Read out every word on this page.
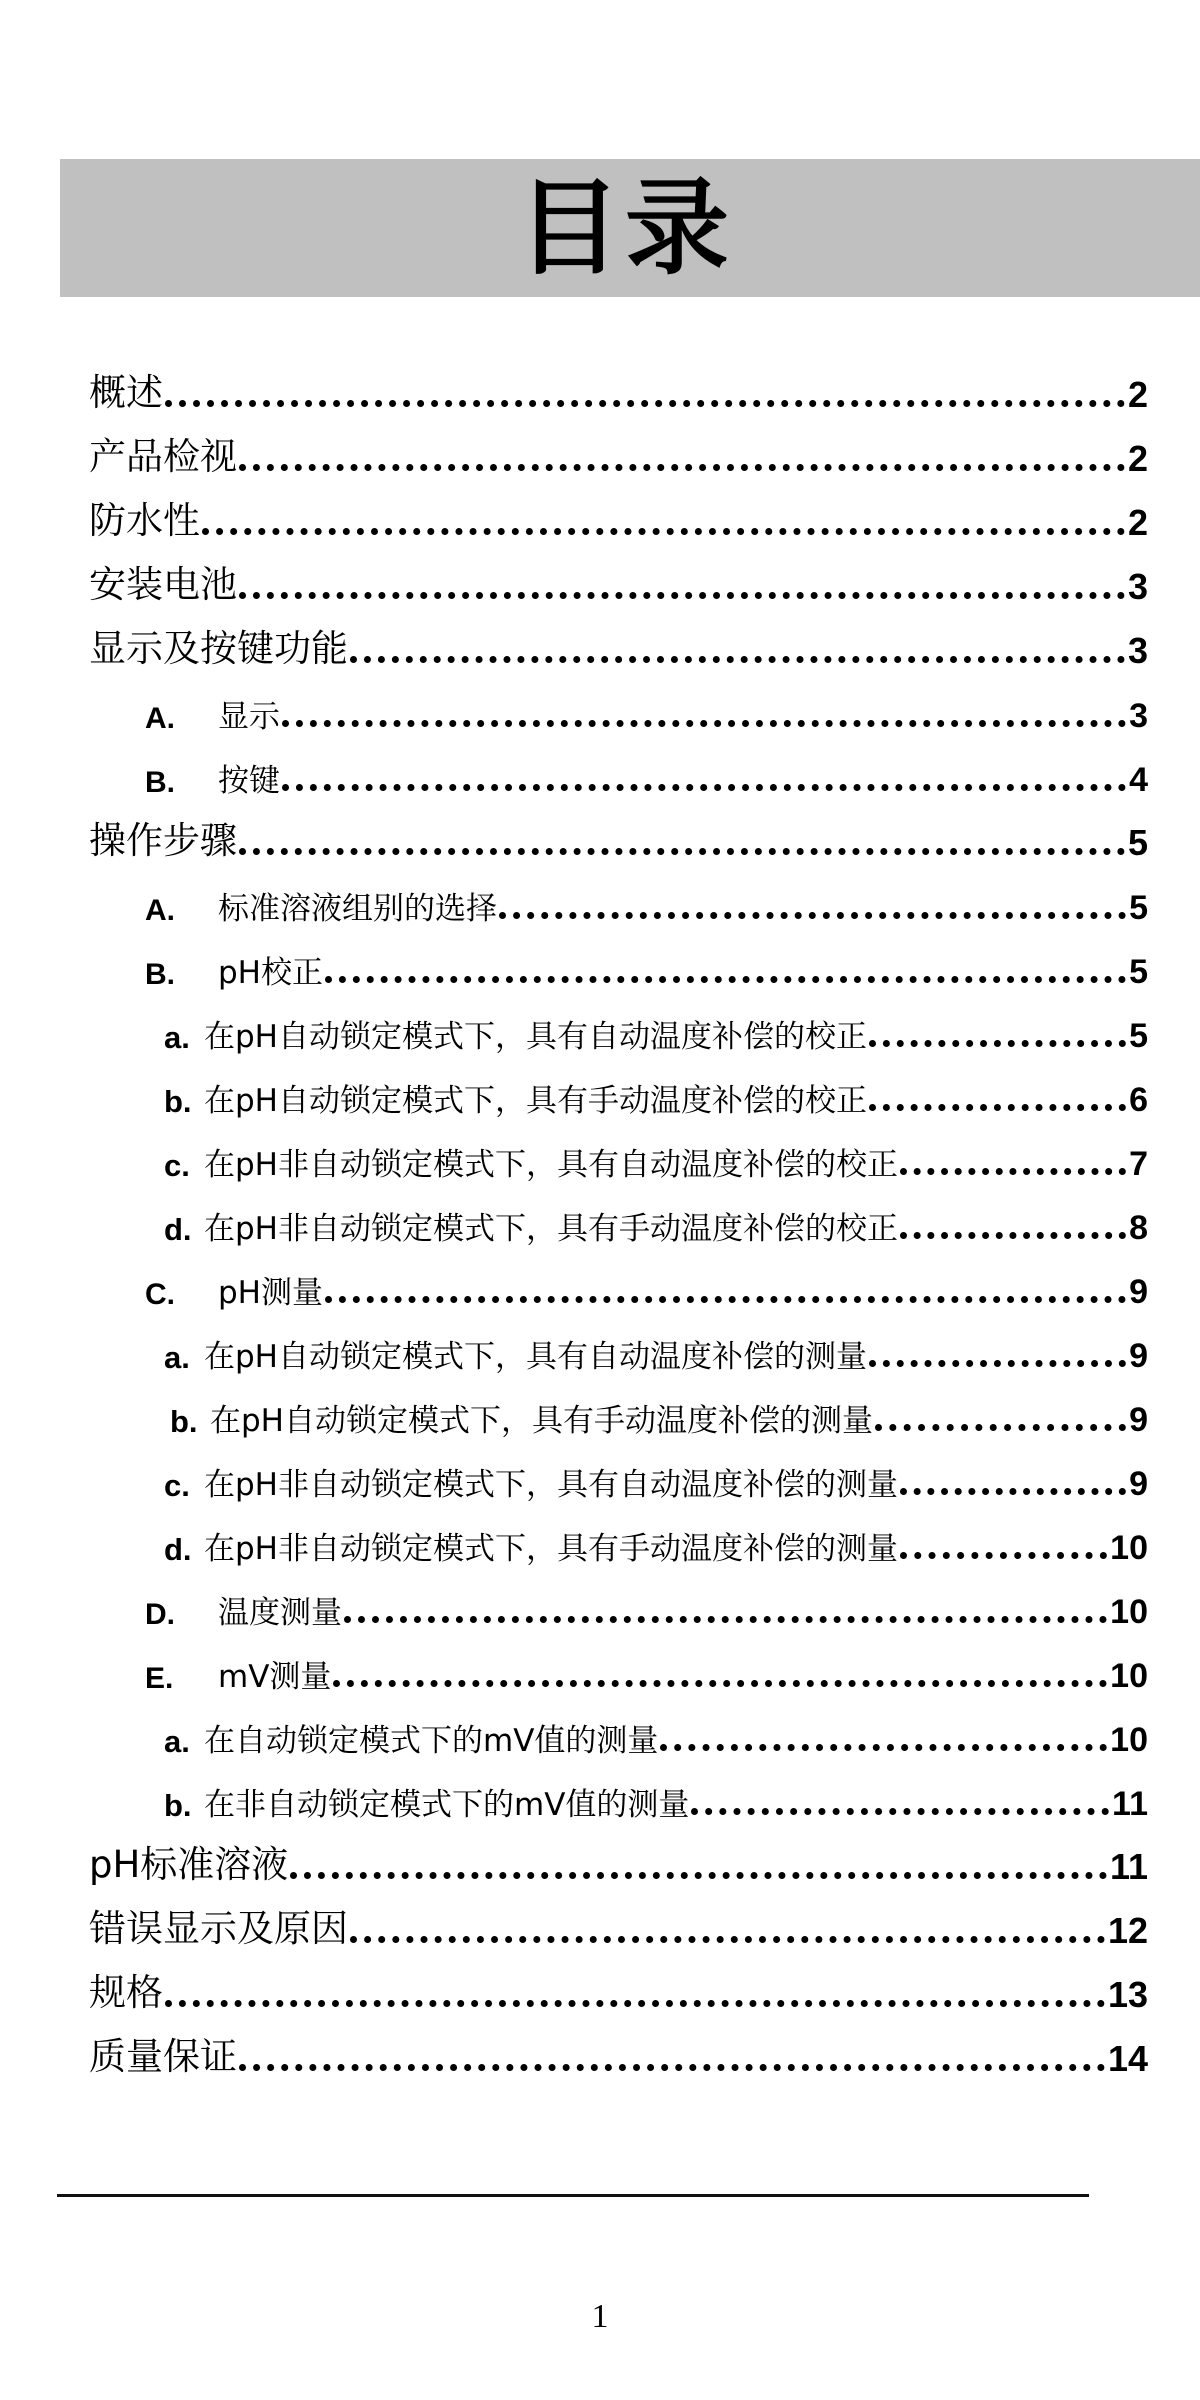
目录
概述	2
产品检视	2
防水性	2
安装电池	3
显示及按键功能	3
A.	显示	3
B.	按键	4
操作步骤	5
A.	标准溶液组别的选择	5
B.	pH校正	5
a. 在pH自动锁定模式下，具有自动温度补偿的校正	5
b. 在pH自动锁定模式下，具有手动温度补偿的校正	6
c. 在pH非自动锁定模式下，具有自动温度补偿的校正	7
d. 在pH非自动锁定模式下，具有手动温度补偿的校正	8
C.	pH测量	9
a. 在pH自动锁定模式下，具有自动温度补偿的测量	9
b. 在pH自动锁定模式下，具有手动温度补偿的测量	9
c. 在pH非自动锁定模式下，具有自动温度补偿的测量	9
d. 在pH非自动锁定模式下，具有手动温度补偿的测量	10
D.	温度测量	10
E.	mV测量	10
a. 在自动锁定模式下的mV值的测量	10
b. 在非自动锁定模式下的mV值的测量	11
pH标准溶液	11
错误显示及原因	12
规格	13
质量保证	14
1
